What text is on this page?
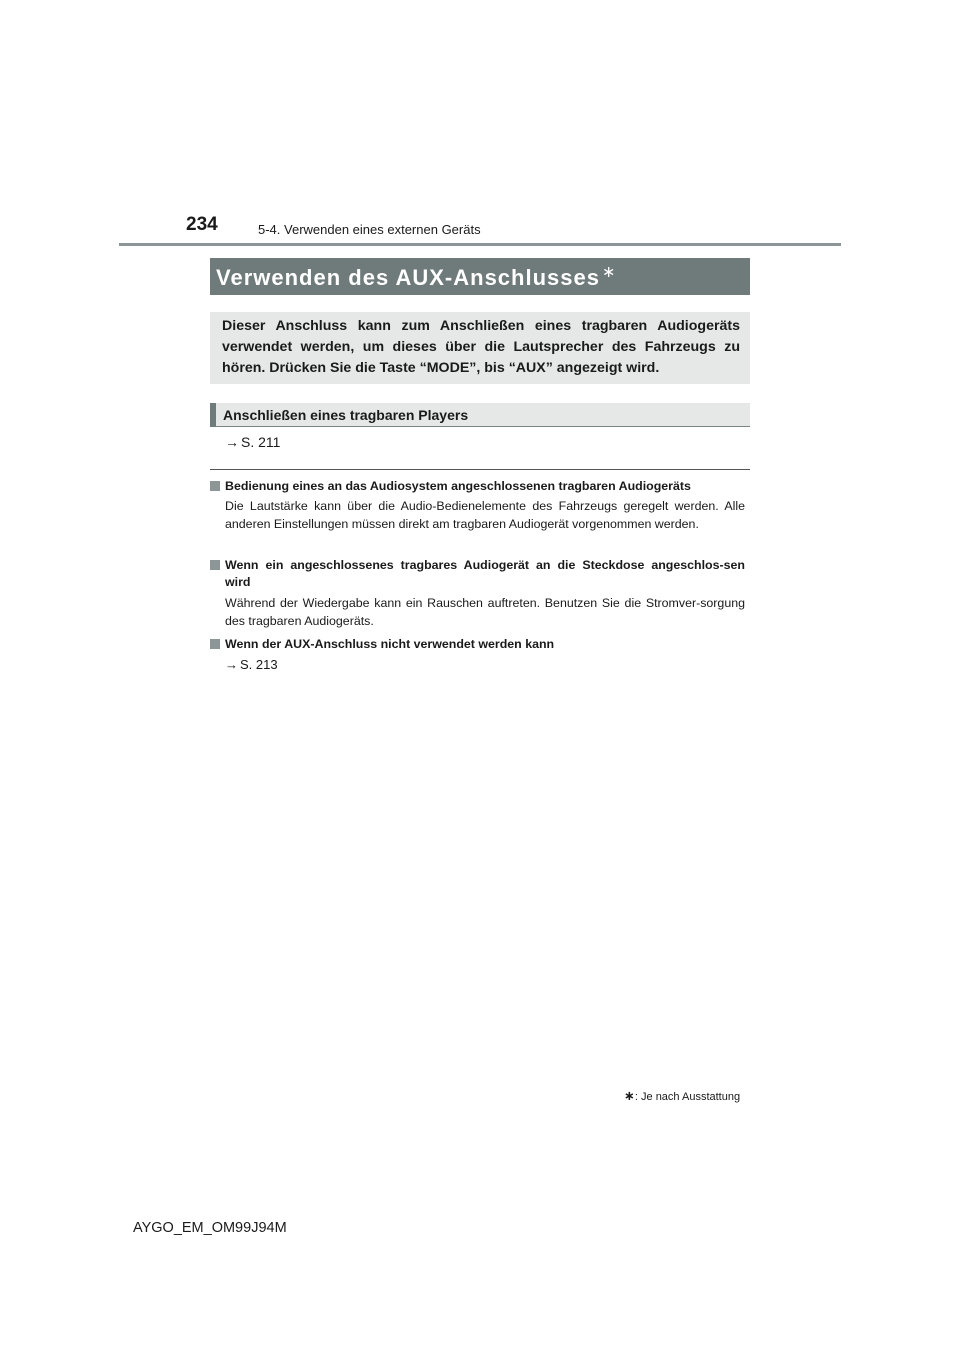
234	5-4. Verwenden eines externen Geräts
Verwenden des AUX-Anschlusses ∗
Dieser Anschluss kann zum Anschließen eines tragbaren Audiogeräts verwendet werden, um dieses über die Lautsprecher des Fahrzeugs zu hören. Drücken Sie die Taste “MODE”, bis “AUX” angezeigt wird.
Anschließen eines tragbaren Players
→ S. 211
Bedienung eines an das Audiosystem angeschlossenen tragbaren Audiogeräts
Die Lautstärke kann über die Audio-Bedienelemente des Fahrzeugs geregelt werden. Alle anderen Einstellungen müssen direkt am tragbaren Audiogerät vorgenommen werden.
Wenn ein angeschlossenes tragbares Audiogerät an die Steckdose angeschlos-sen wird
Während der Wiedergabe kann ein Rauschen auftreten. Benutzen Sie die Stromver-sorgung des tragbaren Audiogeräts.
Wenn der AUX-Anschluss nicht verwendet werden kann
→ S. 213
∗: Je nach Ausstattung
AYGO_EM_OM99J94M
